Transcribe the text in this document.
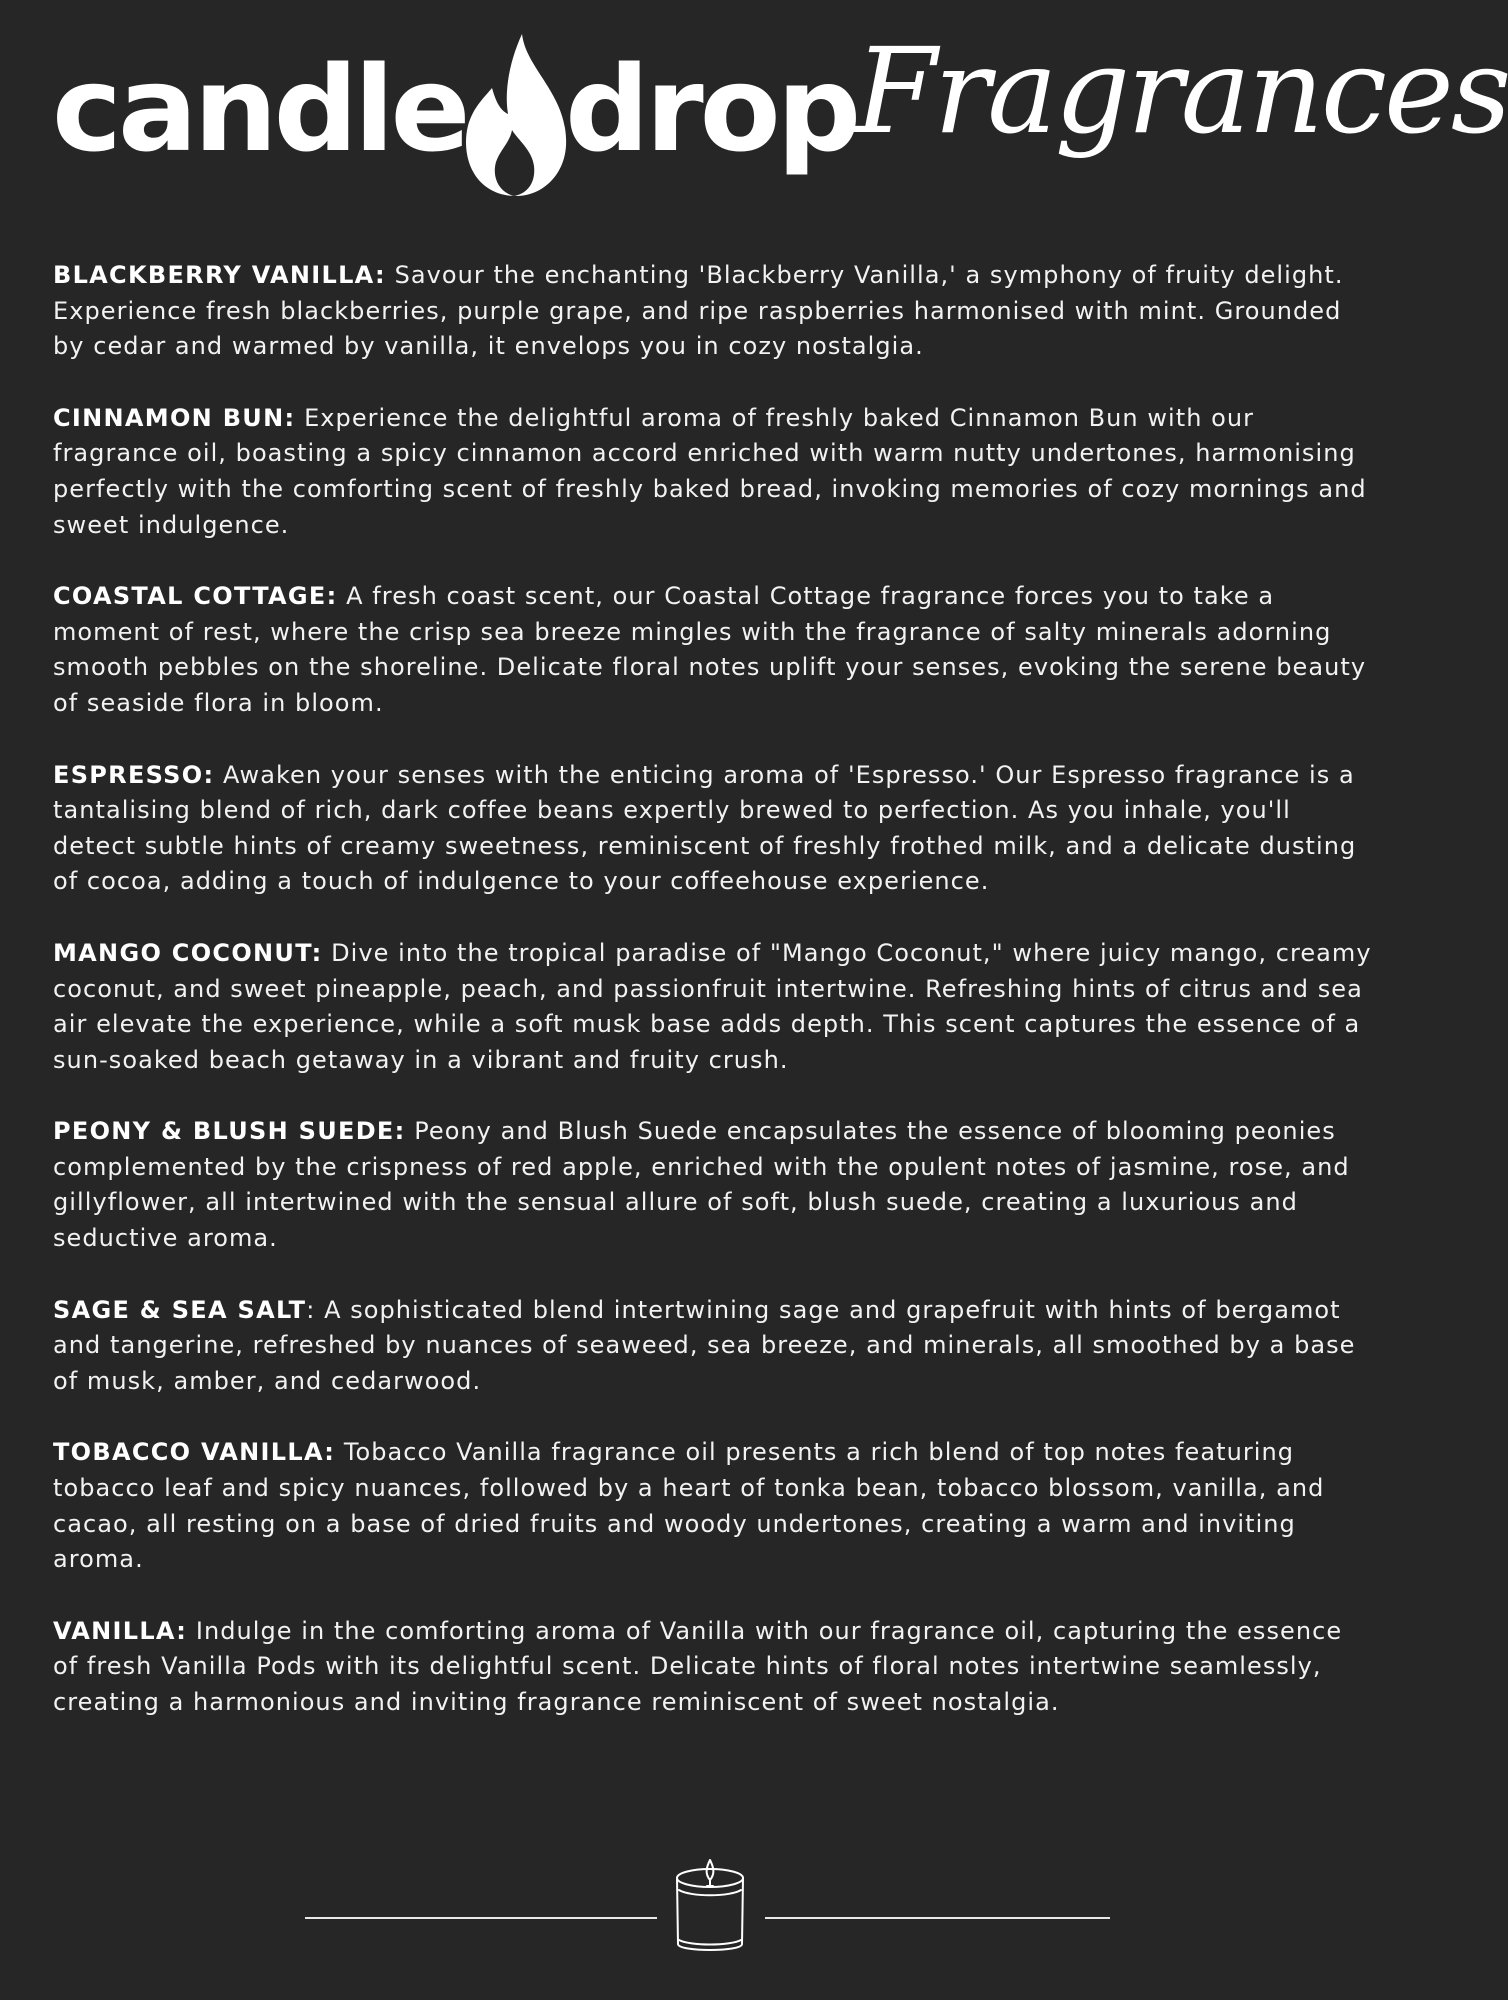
candle drop
Fragrances

BLACKBERRY VANILLA: Savour the enchanting 'Blackberry Vanilla,' a symphony of fruity delight. Experience fresh blackberries, purple grape, and ripe raspberries harmonised with mint. Grounded by cedar and warmed by vanilla, it envelops you in cozy nostalgia.

CINNAMON BUN: Experience the delightful aroma of freshly baked Cinnamon Bun with our fragrance oil, boasting a spicy cinnamon accord enriched with warm nutty undertones, harmonising perfectly with the comforting scent of freshly baked bread, invoking memories of cozy mornings and sweet indulgence.

COASTAL COTTAGE: A fresh coast scent, our Coastal Cottage fragrance forces you to take a moment of rest, where the crisp sea breeze mingles with the fragrance of salty minerals adorning smooth pebbles on the shoreline. Delicate floral notes uplift your senses, evoking the serene beauty of seaside flora in bloom.

ESPRESSO: Awaken your senses with the enticing aroma of 'Espresso.' Our Espresso fragrance is a tantalising blend of rich, dark coffee beans expertly brewed to perfection. As you inhale, you'll detect subtle hints of creamy sweetness, reminiscent of freshly frothed milk, and a delicate dusting of cocoa, adding a touch of indulgence to your coffeehouse experience.

MANGO COCONUT: Dive into the tropical paradise of "Mango Coconut," where juicy mango, creamy coconut, and sweet pineapple, peach, and passionfruit intertwine. Refreshing hints of citrus and sea air elevate the experience, while a soft musk base adds depth. This scent captures the essence of a sun-soaked beach getaway in a vibrant and fruity crush.

PEONY & BLUSH SUEDE: Peony and Blush Suede encapsulates the essence of blooming peonies complemented by the crispness of red apple, enriched with the opulent notes of jasmine, rose, and gillyflower, all intertwined with the sensual allure of soft, blush suede, creating a luxurious and seductive aroma.

SAGE & SEA SALT: A sophisticated blend intertwining sage and grapefruit with hints of bergamot and tangerine, refreshed by nuances of seaweed, sea breeze, and minerals, all smoothed by a base of musk, amber, and cedarwood.

TOBACCO VANILLA: Tobacco Vanilla fragrance oil presents a rich blend of top notes featuring tobacco leaf and spicy nuances, followed by a heart of tonka bean, tobacco blossom, vanilla, and cacao, all resting on a base of dried fruits and woody undertones, creating a warm and inviting aroma.

VANILLA: Indulge in the comforting aroma of Vanilla with our fragrance oil, capturing the essence of fresh Vanilla Pods with its delightful scent. Delicate hints of floral notes intertwine seamlessly, creating a harmonious and inviting fragrance reminiscent of sweet nostalgia.
